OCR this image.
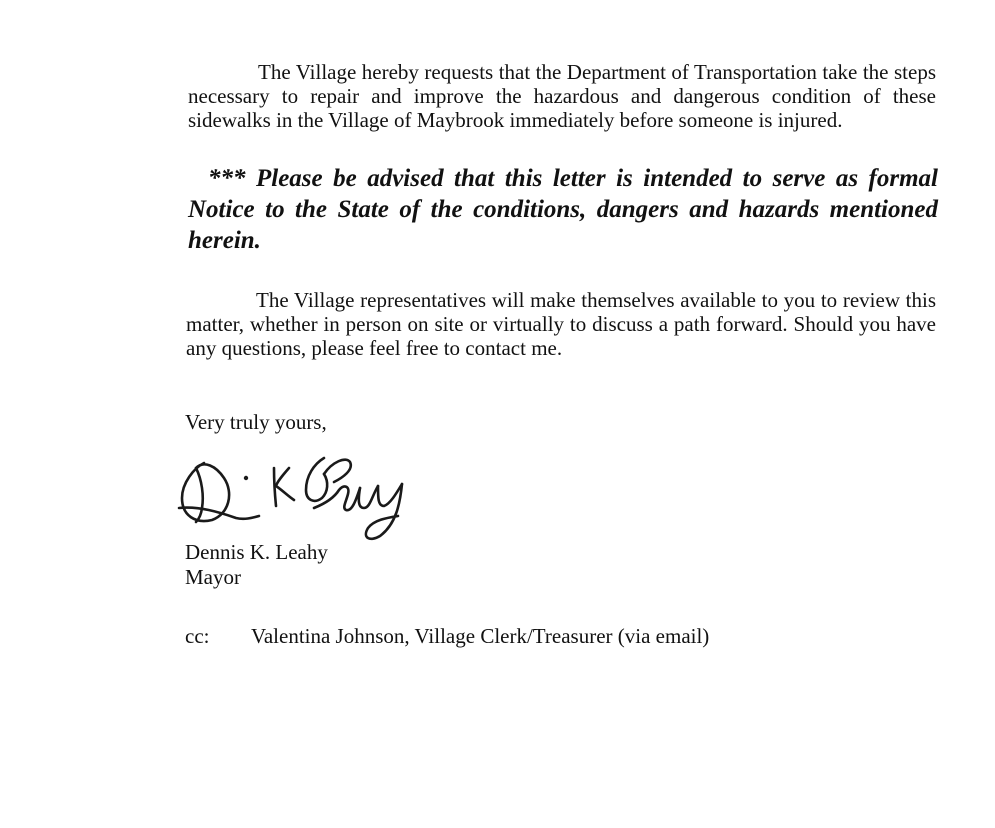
The Village hereby requests that the Department of Transportation take the steps necessary to repair and improve the hazardous and dangerous condition of these sidewalks in the Village of Maybrook immediately before someone is injured.

*** Please be advised that this letter is intended to serve as formal Notice to the State of the conditions, dangers and hazards mentioned herein.

The Village representatives will make themselves available to you to review this matter, whether in person on site or virtually to discuss a path forward. Should you have any questions, please feel free to contact me.

Very truly yours,
Dennis K. Leahy
Mayor
cc: Valentina Johnson, Village Clerk/Treasurer (via email)
